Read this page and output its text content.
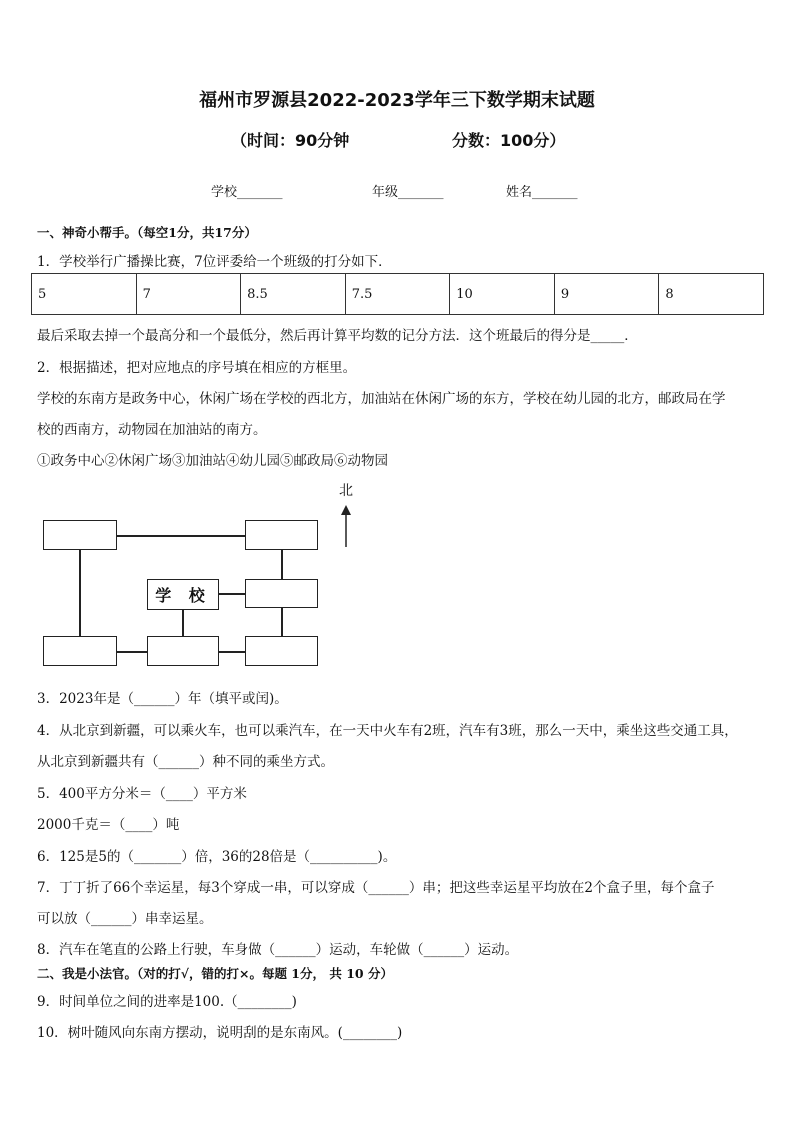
福州市罗源县2022-2023学年三下数学期末试题
（时间：90分钟	分数：100分）
学校_______	年级_______	姓名_______
一、神奇小帮手。（每空1分，共17分）
1．学校举行广播操比赛，7位评委给一个班级的打分如下．
5	7	8.5	7.5	10	9	8
最后采取去掉一个最高分和一个最低分，然后再计算平均数的记分方法．这个班最后的得分是_____．
2．根据描述，把对应地点的序号填在相应的方框里。
学校的东南方是政务中心，休闲广场在学校的西北方，加油站在休闲广场的东方，学校在幼儿园的北方，邮政局在学
校的西南方，动物园在加油站的南方。
①政务中心②休闲广场③加油站④幼儿园⑤邮政局⑥动物园
学 校
北
3．2023年是（______）年（填平或闰)。
4．从北京到新疆，可以乘火车，也可以乘汽车，在一天中火车有2班，汽车有3班，那么一天中，乘坐这些交通工具，
从北京到新疆共有（______）种不同的乘坐方式。
5．400平方分米＝（____）平方米
2000千克＝（____）吨
6．125是5的（_______）倍，36的28倍是（__________)。
7．丁丁折了66个幸运星，每3个穿成一串，可以穿成（______）串；把这些幸运星平均放在2个盒子里，每个盒子
可以放（______）串幸运星。
8．汽车在笔直的公路上行驶，车身做（______）运动，车轮做（______）运动。
二、我是小法官。（对的打√，错的打×。每题 1分， 共 10 分）
9．时间单位之间的进率是100.（________)
10．树叶随风向东南方摆动，说明刮的是东南风。(________)
